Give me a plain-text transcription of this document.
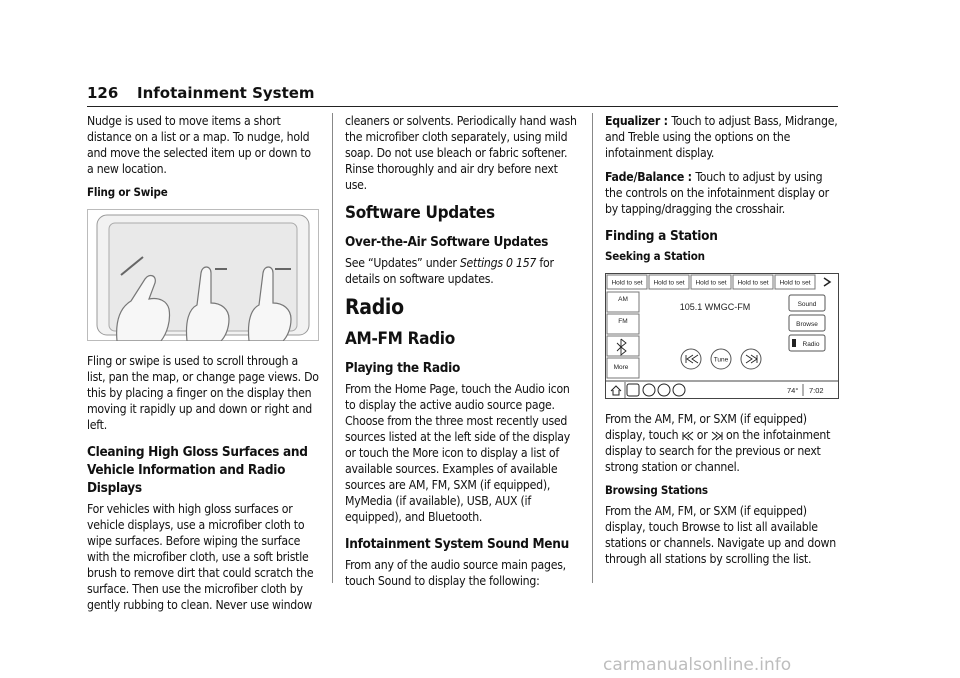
126 Infotainment System

Nudge is used to move items a short distance on a list or a map. To nudge, hold and move the selected item up or down to a new location.

Fling or Swipe

Fling or swipe is used to scroll through a list, pan the map, or change page views. Do this by placing a finger on the display then moving it rapidly up and down or right and left.

Cleaning High Gloss Surfaces and Vehicle Information and Radio Displays

For vehicles with high gloss surfaces or vehicle displays, use a microfiber cloth to wipe surfaces. Before wiping the surface with the microfiber cloth, use a soft bristle brush to remove dirt that could scratch the surface. Then use the microfiber cloth by gently rubbing to clean. Never use window

cleaners or solvents. Periodically hand wash the microfiber cloth separately, using mild soap. Do not use bleach or fabric softener. Rinse thoroughly and air dry before next use.

Software Updates
Over-the-Air Software Updates

See “Updates” under Settings 0 157 for details on software updates.

Radio
AM-FM Radio
Playing the Radio

From the Home Page, touch the Audio icon to display the active audio source page. Choose from the three most recently used sources listed at the left side of the display or touch the More icon to display a list of available sources. Examples of available sources are AM, FM, SXM (if equipped), MyMedia (if available), USB, AUX (if equipped), and Bluetooth.

Infotainment System Sound Menu

From any of the audio source main pages, touch Sound to display the following:

Equalizer : Touch to adjust Bass, Midrange, and Treble using the options on the infotainment display.

Fade/Balance : Touch to adjust by using the controls on the infotainment display or by tapping/dragging the crosshair.

Finding a Station
Seeking a Station
Hold to set Hold to set Hold to set Hold to set Hold to set
AM
FM
More
105.1 WMGC-FM	Sound
Browse
Radio
Tune
74° 7:02

From the AM, FM, or SXM (if equipped) display, touch  or  on the infotainment display to search for the previous or next strong station or channel.

Browsing Stations

From the AM, FM, or SXM (if equipped) display, touch Browse to list all available stations or channels. Navigate up and down through all stations by scrolling the list.

carmanualsonline.info
